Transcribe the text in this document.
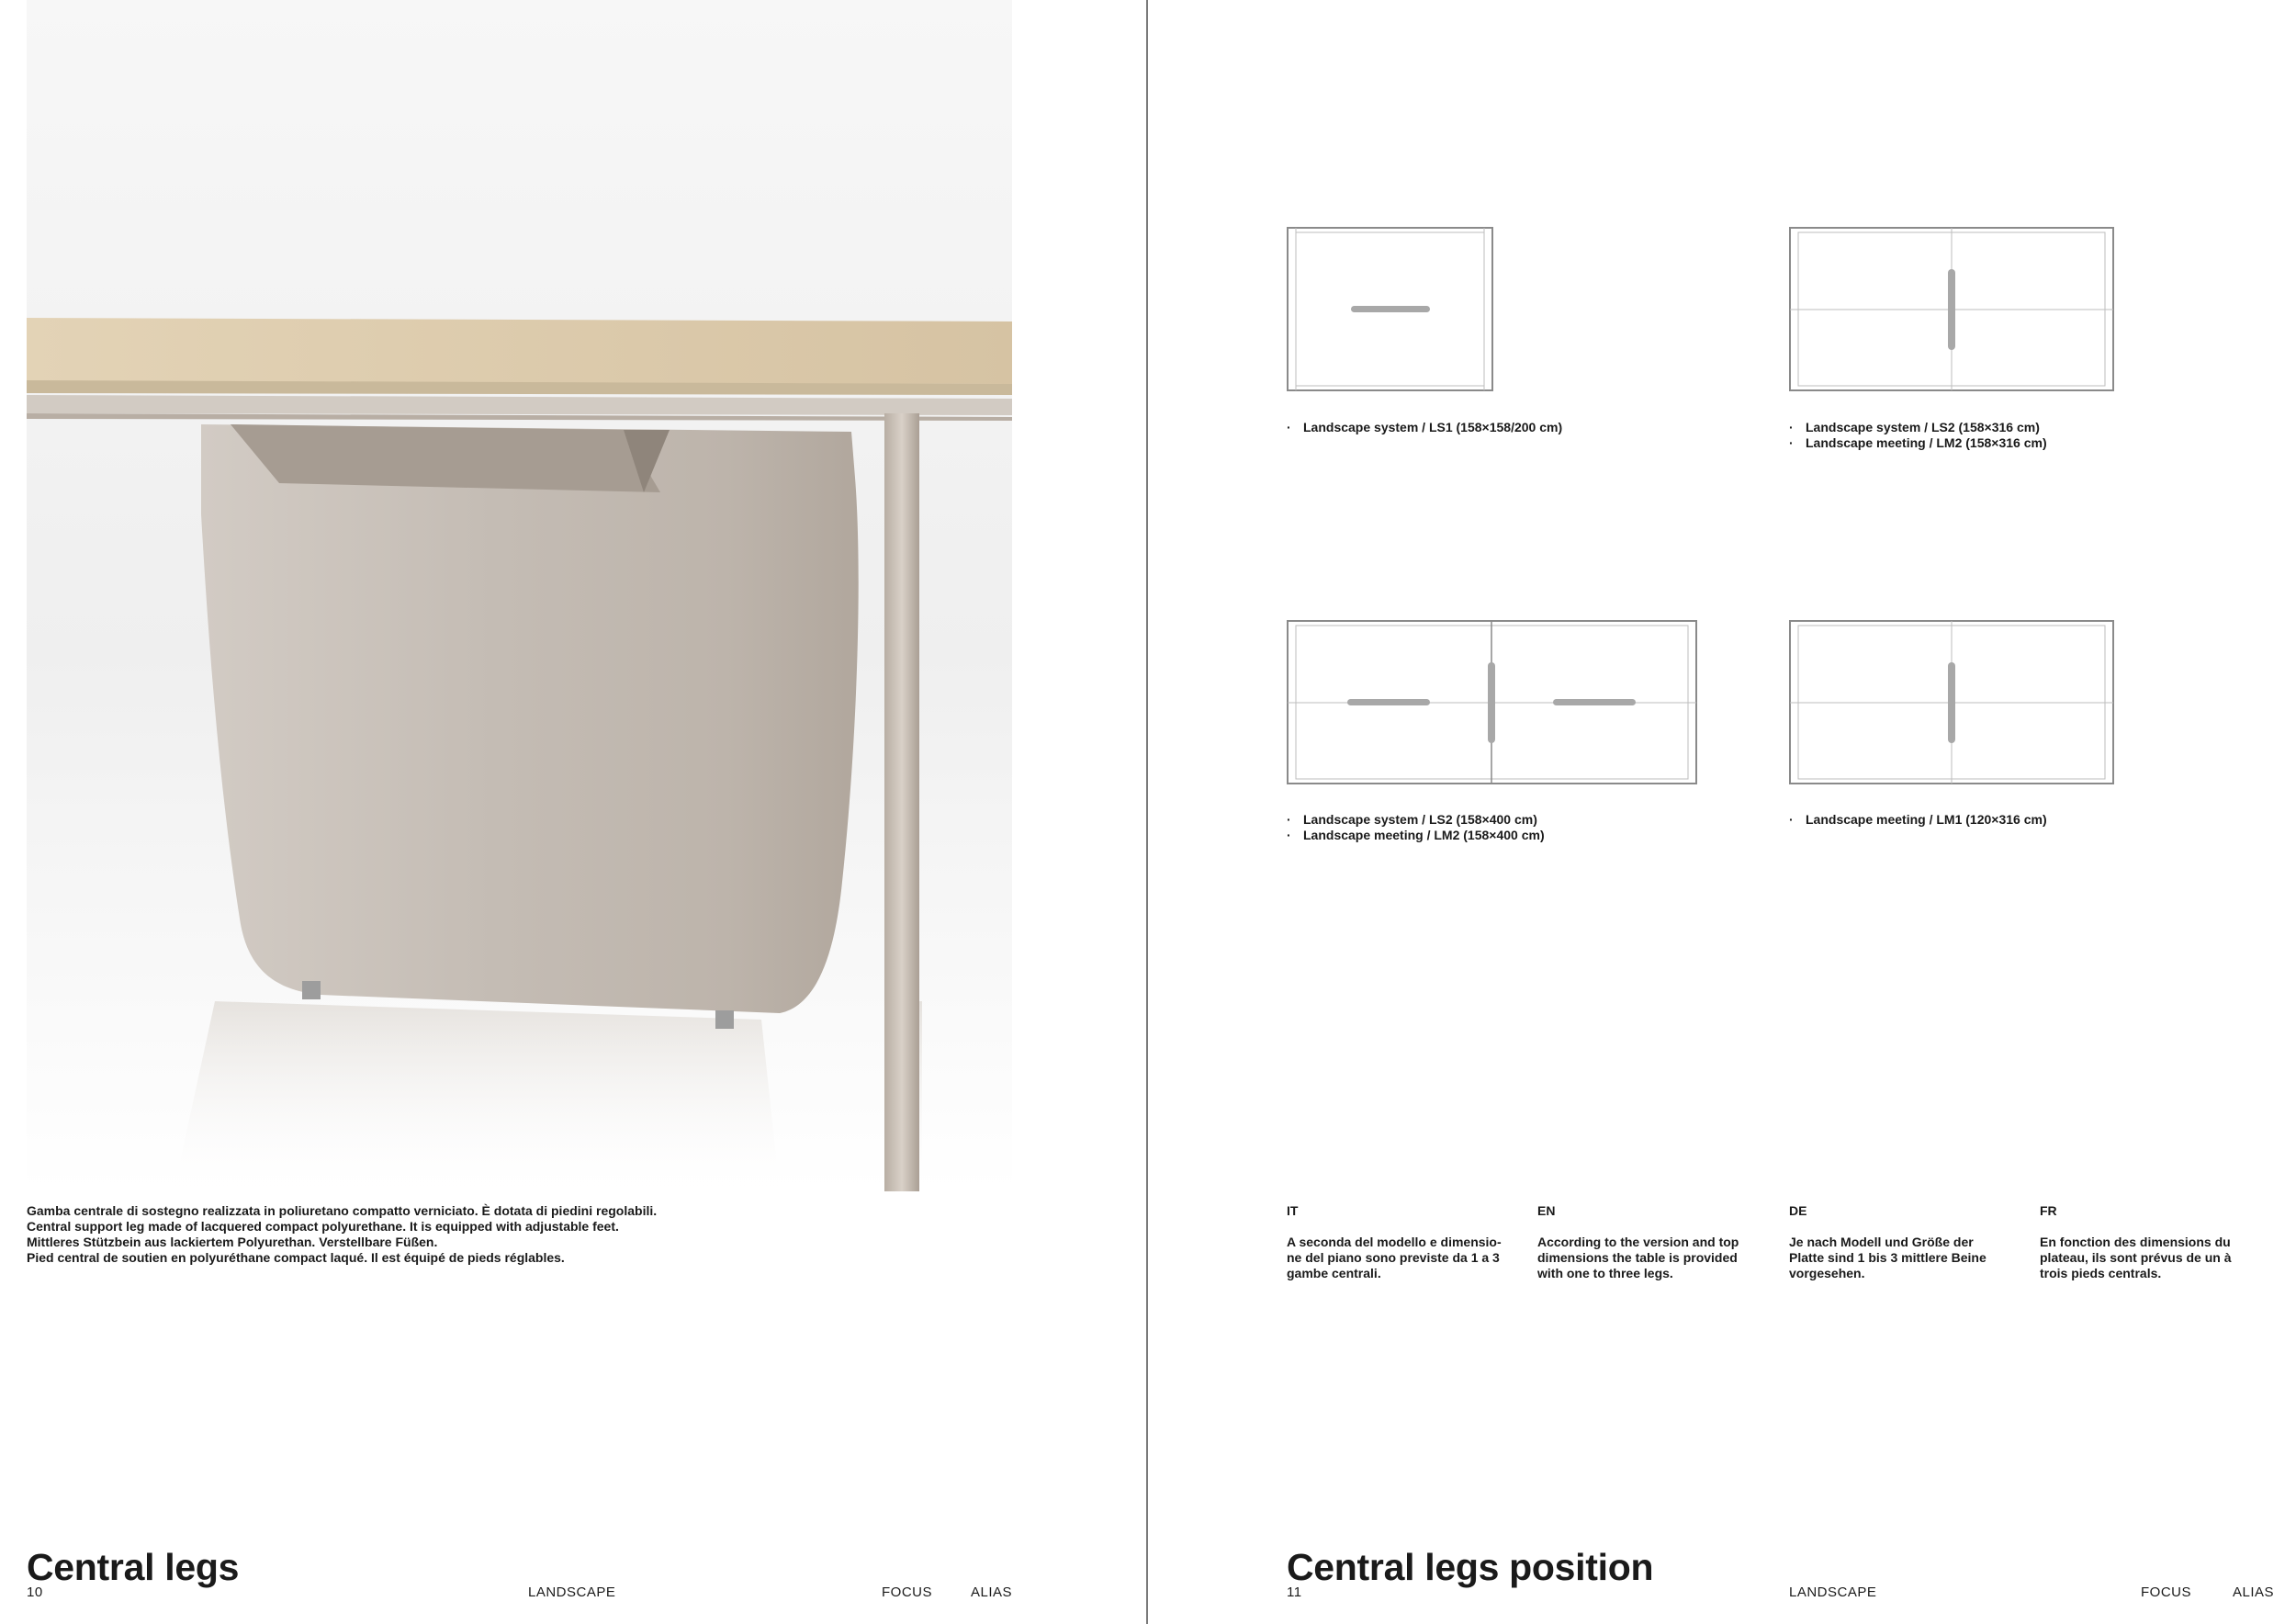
Gamba centrale di sostegno realizzata in poliuretano compatto verniciato. È dotata di piedini regolabili.
Central support leg made of lacquered compact polyurethane. It is equipped with adjustable feet.
Mittleres Stützbein aus lackiertem Polyurethan. Verstellbare Füßen.
Pied central de soutien en polyuréthane compact laqué. Il est équipé de pieds réglables.
Central legs
10	LANDSCAPE	FOCUS	ALIAS
· Landscape system / LS1 (158×158/200 cm)	· Landscape system / LS2 (158×316 cm)
· Landscape meeting / LM2 (158×316 cm)
· Landscape system / LS2 (158×400 cm)
· Landscape meeting / LM2 (158×400 cm)
· Landscape meeting / LM1 (120×316 cm)
IT
A seconda del modello e dimensio- ne del piano sono previste da 1 a 3 gambe centrali.
EN
According to the version and top dimensions the table is provided with one to three legs.
DE
Je nach Modell und Größe der Platte sind 1 bis 3 mittlere Beine vorgesehen.
FR
En fonction des dimensions du plateau, ils sont prévus de un à trois pieds centrals.
Central legs position
11	LANDSCAPE	FOCUS	ALIAS
